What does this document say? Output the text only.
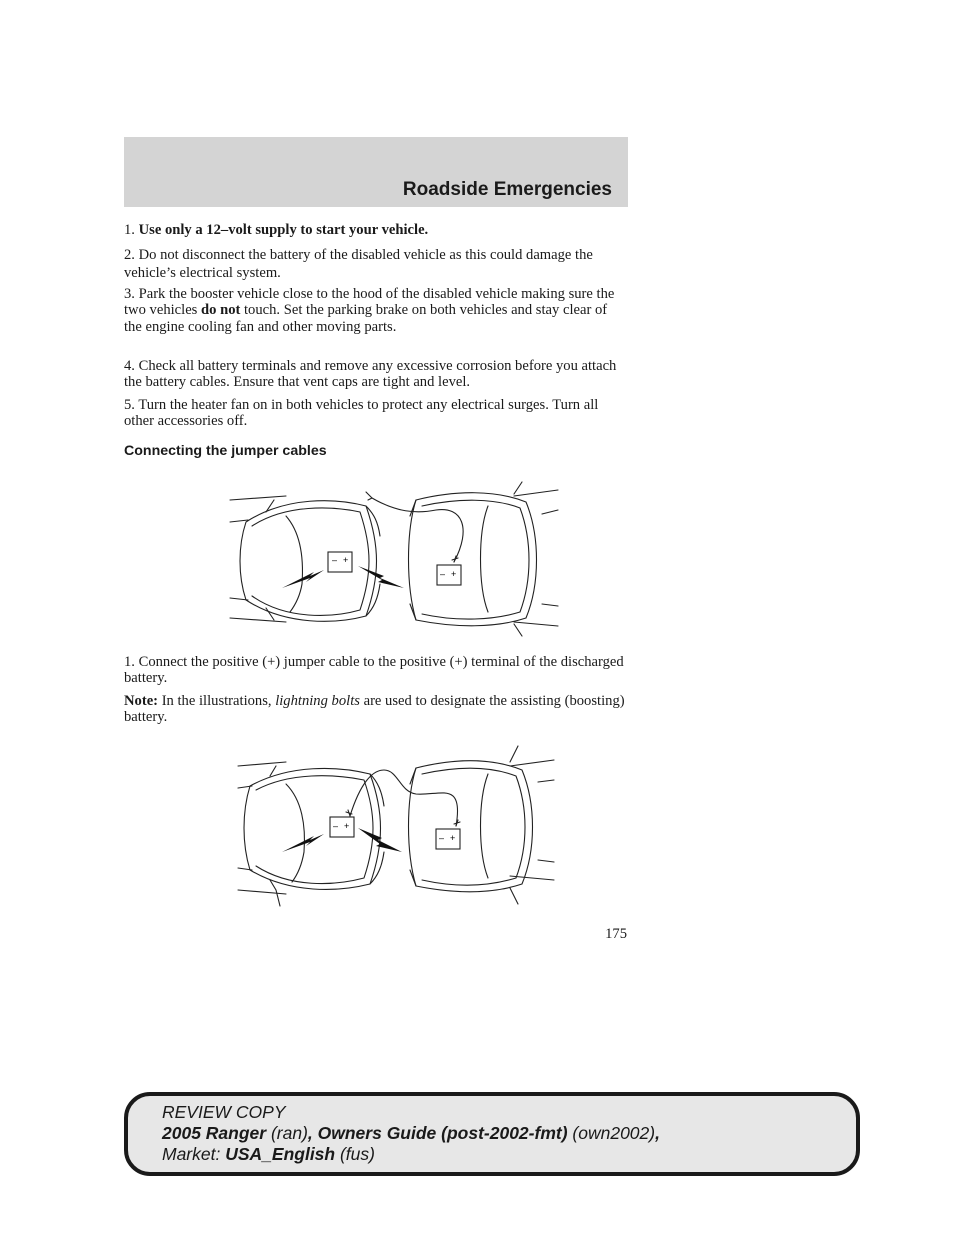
Roadside Emergencies

1. Use only a 12–volt supply to start your vehicle.

2. Do not disconnect the battery of the disabled vehicle as this could damage the vehicle’s electrical system.

3. Park the booster vehicle close to the hood of the disabled vehicle making sure the two vehicles do not touch. Set the parking brake on both vehicles and stay clear of the engine cooling fan and other moving parts.

4. Check all battery terminals and remove any excessive corrosion before you attach the battery cables. Ensure that vent caps are tight and level.

5. Turn the heater fan on in both vehicles to protect any electrical surges. Turn all other accessories off.

Connecting the jumper cables
– +
– +

1. Connect the positive (+) jumper cable to the positive (+) terminal of the discharged battery.

Note: In the illustrations, lightning bolts are used to designate the assisting (boosting) battery.

– +
– +

175

REVIEW COPY
2005 Ranger (ran), Owners Guide (post-2002-fmt) (own2002),
Market: USA_English (fus)
